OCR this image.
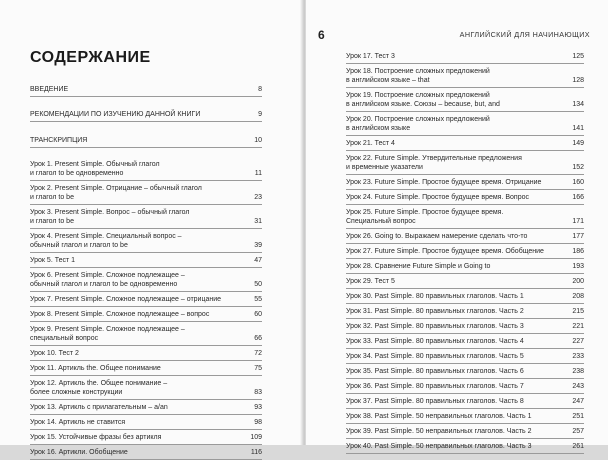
СОДЕРЖАНИЕ
ВВЕДЕНИЕ	8
РЕКОМЕНДАЦИИ ПО ИЗУЧЕНИЮ ДАННОЙ КНИГИ	9
ТРАНСКРИПЦИЯ	10
Урок 1. Present Simple. Обычный глагол
и глагол to be одновременно	11
Урок 2. Present Simple. Отрицание – обычный глагол
и глагол to be	23
Урок 3. Present Simple. Вопрос – обычный глагол
и глагол to be	31
Урок 4. Present Simple. Специальный вопрос –
обычный глагол и глагол to be	39
Урок 5. Тест 1	47
Урок 6. Present Simple. Сложное подлежащее –
обычный глагол и глагол to be одновременно	50
Урок 7. Present Simple. Сложное подлежащее – отрицание	55
Урок 8. Present Simple. Сложное подлежащее – вопрос	60
Урок 9. Present Simple. Сложное подлежащее –
специальный вопрос	66
Урок 10. Тест 2	72
Урок 11. Артикль the. Общее понимание	75
Урок 12. Артикль the. Общее понимание –
более сложные конструкции	83
Урок 13. Артикль с прилагательным – a/an	93
Урок 14. Артикль не ставится	98
Урок 15. Устойчивые фразы без артикля	109
Урок 16. Артикли. Обобщение	116
6	АНГЛИЙСКИЙ ДЛЯ НАЧИНАЮЩИХ
Урок 17. Тест 3	125
Урок 18. Построение сложных предложений
в английском языке – that	128
Урок 19. Построение сложных предложений
в английском языке. Союзы – because, but, and	134
Урок 20. Построение сложных предложений
в английском языке	141
Урок 21. Тест 4	149
Урок 22. Future Simple. Утвердительные предложения
и временные указатели	152
Урок 23. Future Simple. Простое будущее время. Отрицание	160
Урок 24. Future Simple. Простое будущее время. Вопрос	166
Урок 25. Future Simple. Простое будущее время.
Специальный вопрос	171
Урок 26. Going to. Выражаем намерение сделать что-то	177
Урок 27. Future Simple. Простое будущее время. Обобщение	186
Урок 28. Сравнение Future Simple и Going to	193
Урок 29. Тест 5	200
Урок 30. Past Simple. 80 правильных глаголов. Часть 1	208
Урок 31. Past Simple. 80 правильных глаголов. Часть 2	215
Урок 32. Past Simple. 80 правильных глаголов. Часть 3	221
Урок 33. Past Simple. 80 правильных глаголов. Часть 4	227
Урок 34. Past Simple. 80 правильных глаголов. Часть 5	233
Урок 35. Past Simple. 80 правильных глаголов. Часть 6	238
Урок 36. Past Simple. 80 правильных глаголов. Часть 7	243
Урок 37. Past Simple. 80 правильных глаголов. Часть 8	247
Урок 38. Past Simple. 50 неправильных глаголов. Часть 1	251
Урок 39. Past Simple. 50 неправильных глаголов. Часть 2	257
Урок 40. Past Simple. 50 неправильных глаголов. Часть 3	261
